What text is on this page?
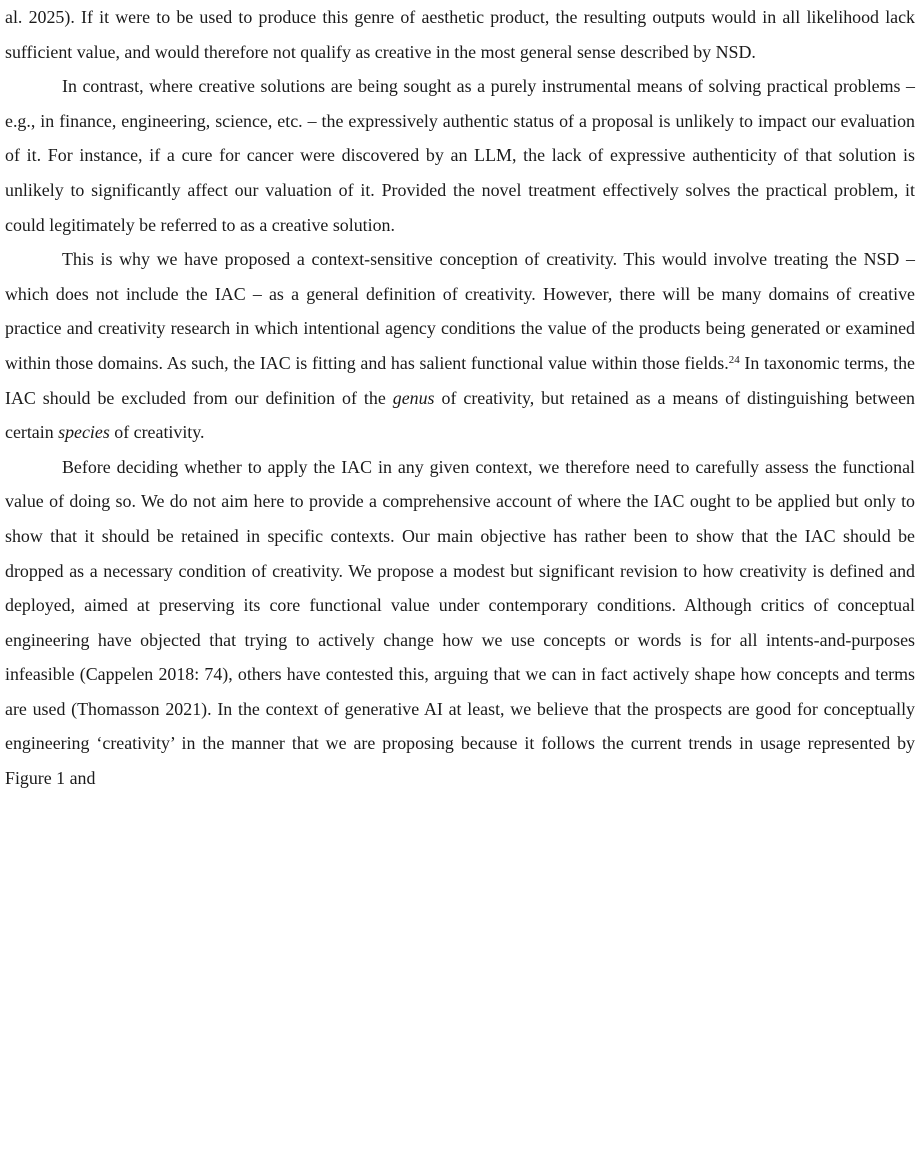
al. 2025). If it were to be used to produce this genre of aesthetic product, the resulting outputs would in all likelihood lack sufficient value, and would therefore not qualify as creative in the most general sense described by NSD.

In contrast, where creative solutions are being sought as a purely instrumental means of solving practical problems – e.g., in finance, engineering, science, etc. – the expressively authentic status of a proposal is unlikely to impact our evaluation of it. For instance, if a cure for cancer were discovered by an LLM, the lack of expressive authenticity of that solution is unlikely to significantly affect our valuation of it. Provided the novel treatment effectively solves the practical problem, it could legitimately be referred to as a creative solution.

This is why we have proposed a context-sensitive conception of creativity. This would involve treating the NSD – which does not include the IAC – as a general definition of creativity. However, there will be many domains of creative practice and creativity research in which intentional agency conditions the value of the products being generated or examined within those domains. As such, the IAC is fitting and has salient functional value within those fields.$^{24}$ In taxonomic terms, the IAC should be excluded from our definition of the genus of creativity, but retained as a means of distinguishing between certain species of creativity.

Before deciding whether to apply the IAC in any given context, we therefore need to carefully assess the functional value of doing so. We do not aim here to provide a comprehensive account of where the IAC ought to be applied but only to show that it should be retained in specific contexts. Our main objective has rather been to show that the IAC should be dropped as a necessary condition of creativity. We propose a modest but significant revision to how creativity is defined and deployed, aimed at preserving its core functional value under contemporary conditions. Although critics of conceptual engineering have objected that trying to actively change how we use concepts or words is for all intents-and-purposes infeasible (Cappelen 2018: 74), others have contested this, arguing that we can in fact actively shape how concepts and terms are used (Thomasson 2021). In the context of generative AI at least, we believe that the prospects are good for conceptually engineering ‘creativity’ in the manner that we are proposing because it follows the current trends in usage represented by Figure 1 and
